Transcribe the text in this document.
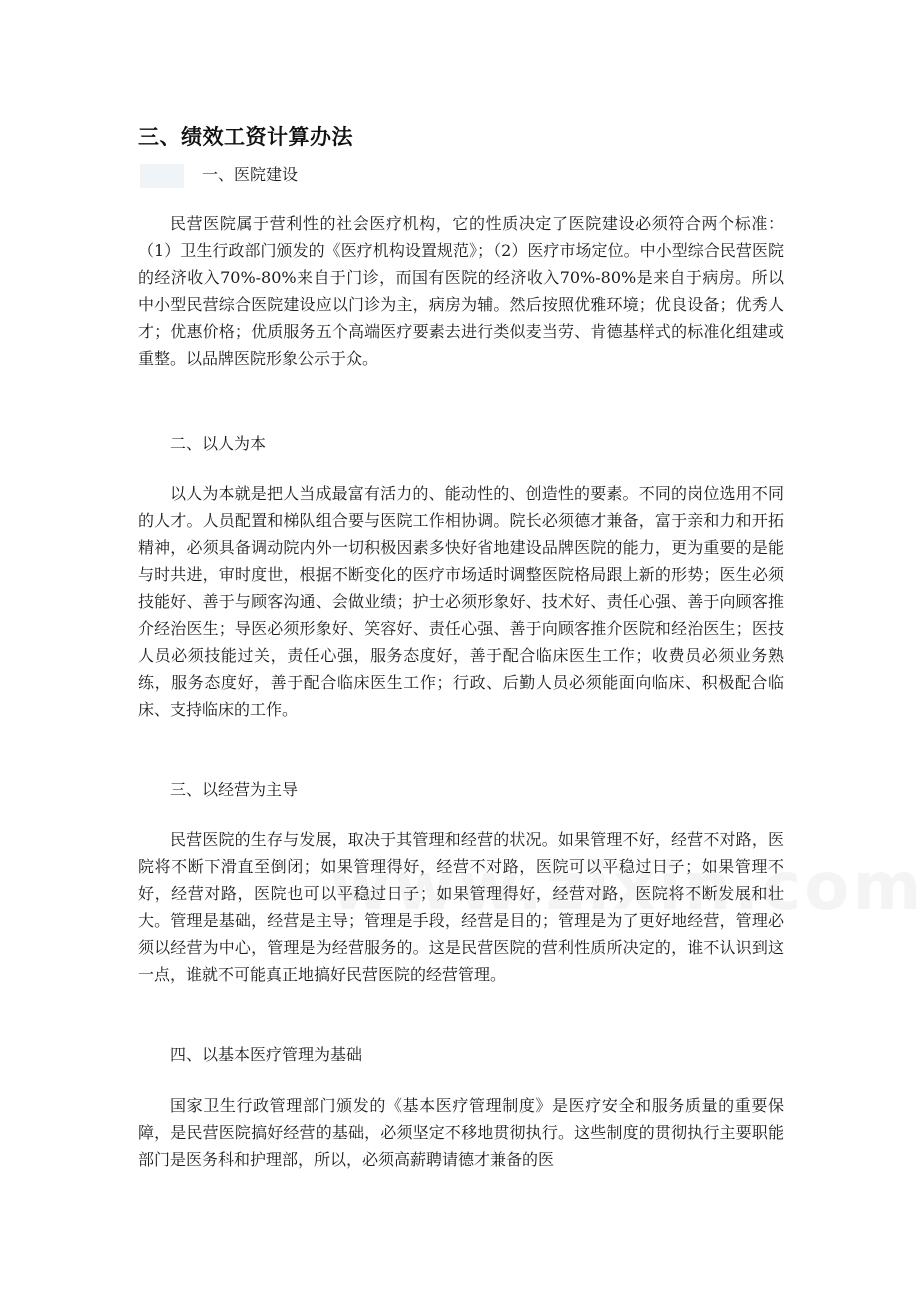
三、绩效工资计算办法

一、医院建设

民营医院属于营利性的社会医疗机构，它的性质决定了医院建设必须符合两个标准：（1）卫生行政部门颁发的《医疗机构设置规范》；（2）医疗市场定位。中小型综合民营医院的经济收入70%-80%来自于门诊，而国有医院的经济收入70%-80%是来自于病房。所以中小型民营综合医院建设应以门诊为主，病房为辅。然后按照优雅环境；优良设备；优秀人才；优惠价格；优质服务五个高端医疗要素去进行类似麦当劳、肯德基样式的标准化组建或重整。以品牌医院形象公示于众。

二、以人为本

以人为本就是把人当成最富有活力的、能动性的、创造性的要素。不同的岗位选用不同的人才。人员配置和梯队组合要与医院工作相协调。院长必须德才兼备，富于亲和力和开拓精神，必须具备调动院内外一切积极因素多快好省地建设品牌医院的能力，更为重要的是能与时共进，审时度世，根据不断变化的医疗市场适时调整医院格局跟上新的形势；医生必须技能好、善于与顾客沟通、会做业绩；护士必须形象好、技术好、责任心强、善于向顾客推介经治医生；导医必须形象好、笑容好、责任心强、善于向顾客推介医院和经治医生；医技人员必须技能过关，责任心强，服务态度好，善于配合临床医生工作；收费员必须业务熟练，服务态度好，善于配合临床医生工作；行政、后勤人员必须能面向临床、积极配合临床、支持临床的工作。

三、以经营为主导

民营医院的生存与发展，取决于其管理和经营的状况。如果管理不好，经营不对路，医院将不断下滑直至倒闭；如果管理得好，经营不对路，医院可以平稳过日子；如果管理不好，经营对路，医院也可以平稳过日子；如果管理得好，经营对路，医院将不断发展和壮大。管理是基础，经营是主导；管理是手段，经营是目的；管理是为了更好地经营，管理必须以经营为中心，管理是为经营服务的。这是民营医院的营利性质所决定的，谁不认识到这一点，谁就不可能真正地搞好民营医院的经营管理。

四、以基本医疗管理为基础

国家卫生行政管理部门颁发的《基本医疗管理制度》是医疗安全和服务质量的重要保障，是民营医院搞好经营的基础，必须坚定不移地贯彻执行。这些制度的贯彻执行主要职能部门是医务科和护理部，所以，必须高薪聘请德才兼备的医
